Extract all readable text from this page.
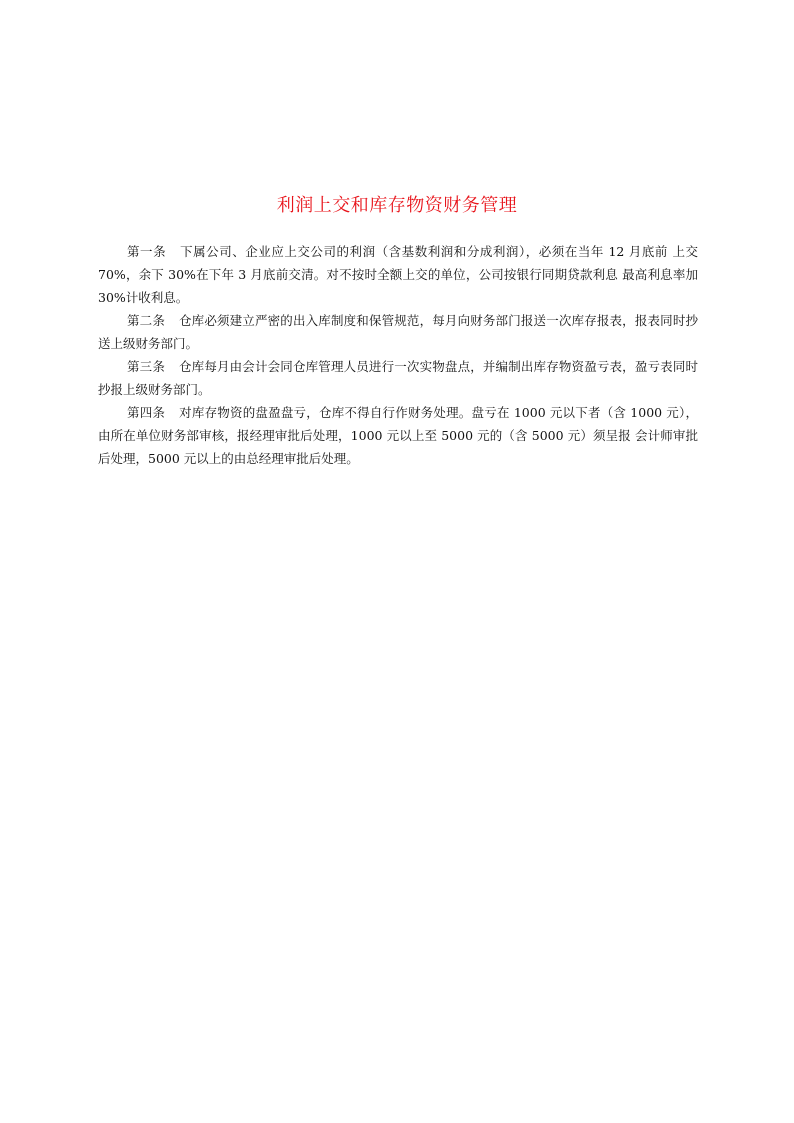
利润上交和库存物资财务管理

第一条 下属公司、企业应上交公司的利润（含基数利润和分成利润），必须在当年 12 月底前 上交 70%，余下 30%在下年 3 月底前交清。对不按时全额上交的单位，公司按银行同期贷款利息 最高利息率加 30%计收利息。

第二条 仓库必须建立严密的出入库制度和保管规范，每月向财务部门报送一次库存报表，报表同时抄送上级财务部门。

第三条 仓库每月由会计会同仓库管理人员进行一次实物盘点，并编制出库存物资盈亏表，盈亏表同时抄报上级财务部门。

第四条 对库存物资的盘盈盘亏，仓库不得自行作财务处理。盘亏在 1000 元以下者（含 1000 元），由所在单位财务部审核，报经理审批后处理，1000 元以上至 5000 元的（含 5000 元）须呈报 会计师审批后处理，5000 元以上的由总经理审批后处理。
